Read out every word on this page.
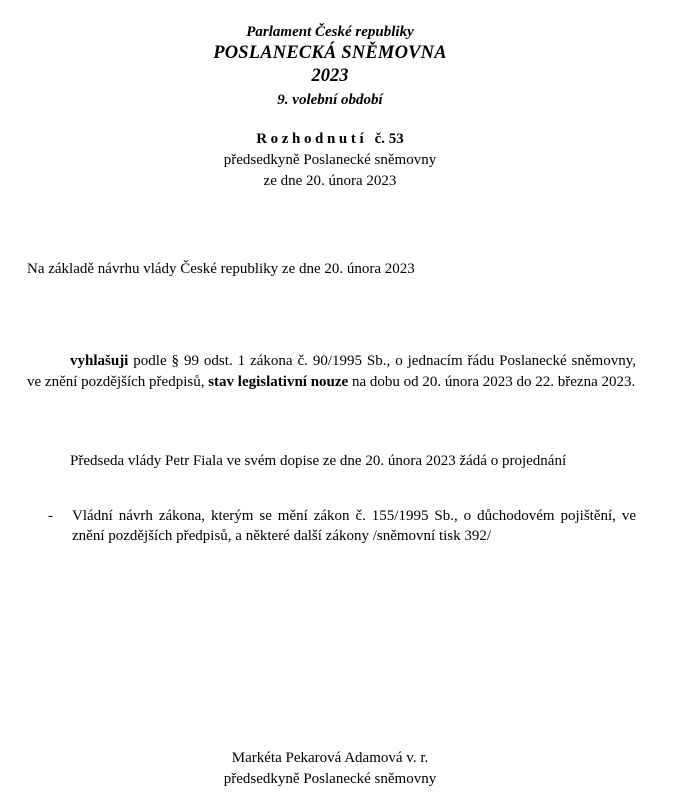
Parlament České republiky
POSLANECKÁ SNĚMOVNA
2023
9. volební období
Rozhodnutí č. 53
předsedkyně Poslanecké sněmovny
ze dne 20. února 2023
Na základě návrhu vlády České republiky ze dne 20. února 2023
vyhlašuji podle § 99 odst. 1 zákona č. 90/1995 Sb., o jednacím řádu Poslanecké sněmovny, ve znění pozdějších předpisů, stav legislativní nouze na dobu od 20. února 2023 do 22. března 2023.
Předseda vlády Petr Fiala ve svém dopise ze dne 20. února 2023 žádá o projednání
- Vládní návrh zákona, kterým se mění zákon č. 155/1995 Sb., o důchodovém pojištění, ve znění pozdějších předpisů, a některé další zákony /sněmovní tisk 392/
Markéta Pekarová Adamová v. r.
předsedkyně Poslanecké sněmovny
